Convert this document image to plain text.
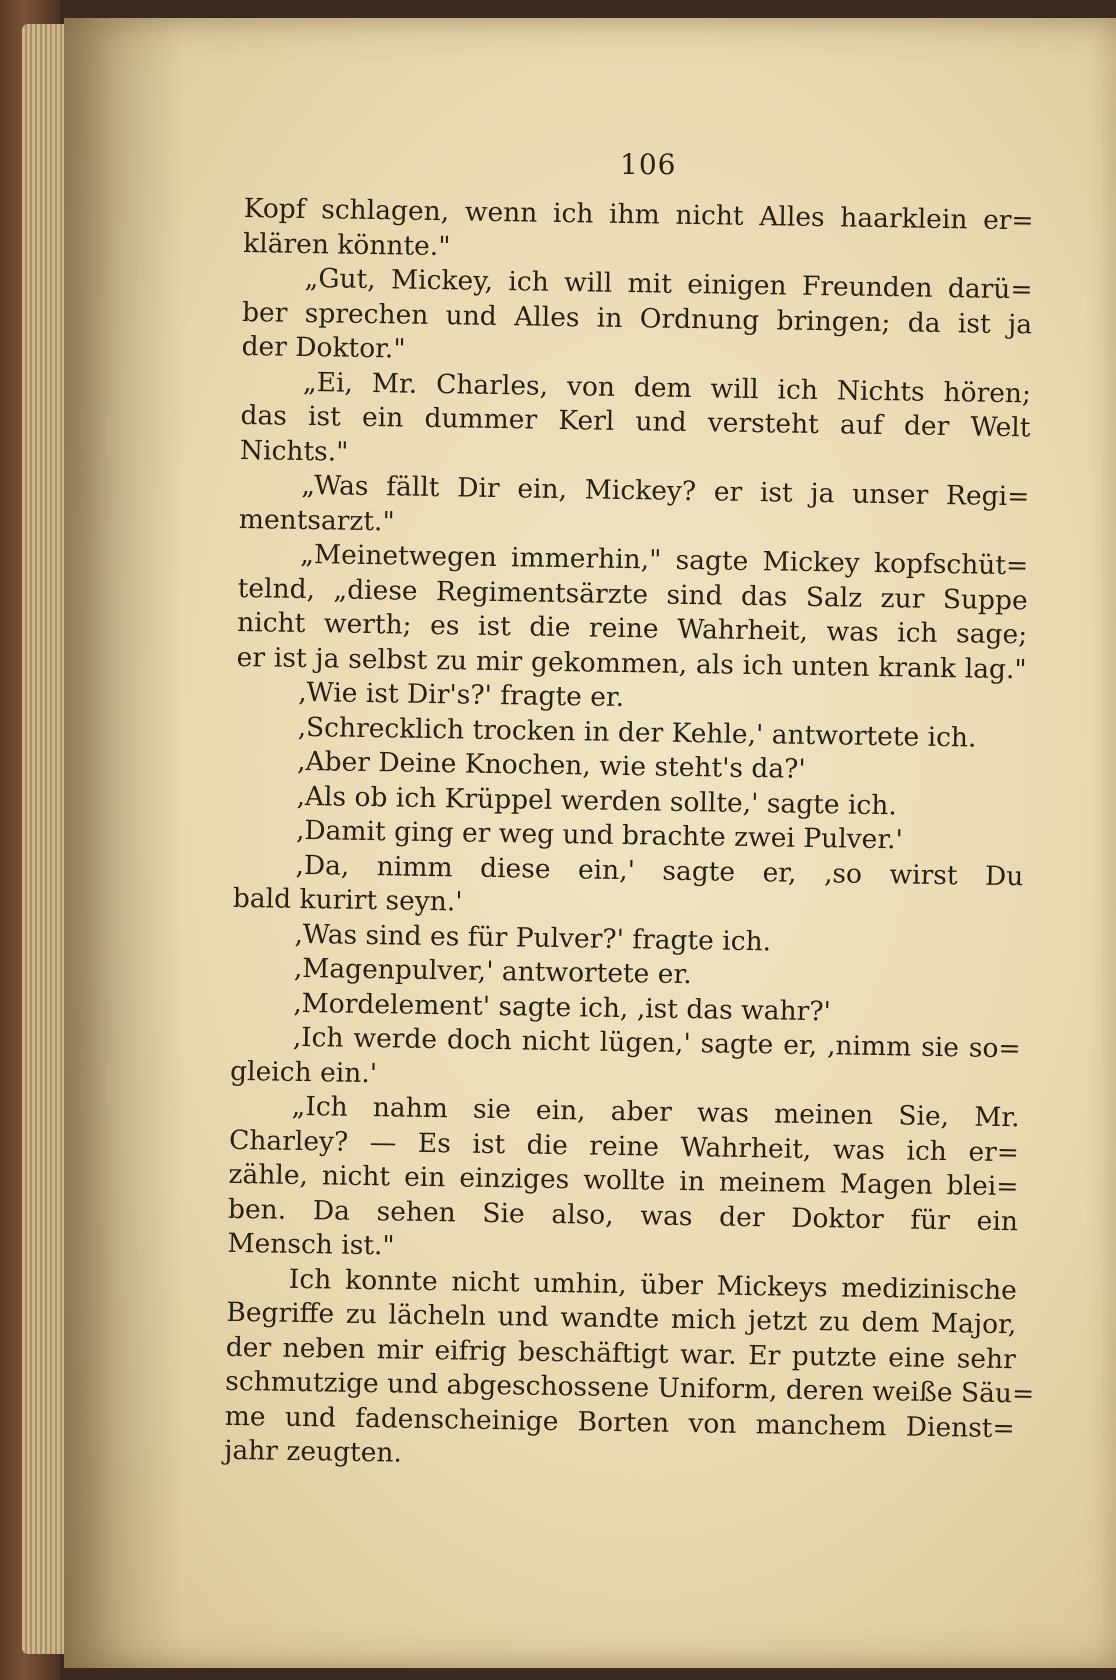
106
Kopf schlagen, wenn ich ihm nicht Alles haarklein er=
klären könnte."
„Gut, Mickey, ich will mit einigen Freunden darü=
ber sprechen und Alles in Ordnung bringen; da ist ja
der Doktor."
„Ei, Mr. Charles, von dem will ich Nichts hören;
das ist ein dummer Kerl und versteht auf der Welt
Nichts."
„Was fällt Dir ein, Mickey? er ist ja unser Regi=
mentsarzt."
„Meinetwegen immerhin," sagte Mickey kopfschüt=
telnd, „diese Regimentsärzte sind das Salz zur Suppe
nicht werth; es ist die reine Wahrheit, was ich sage;
er ist ja selbst zu mir gekommen, als ich unten krank lag."
‚Wie ist Dir's?' fragte er.
‚Schrecklich trocken in der Kehle,' antwortete ich.
‚Aber Deine Knochen, wie steht's da?'
‚Als ob ich Krüppel werden sollte,' sagte ich.
‚Damit ging er weg und brachte zwei Pulver.'
‚Da, nimm diese ein,' sagte er, ‚so wirst Du
bald kurirt seyn.'
‚Was sind es für Pulver?' fragte ich.
‚Magenpulver,' antwortete er.
‚Mordelement' sagte ich, ‚ist das wahr?'
‚Ich werde doch nicht lügen,' sagte er, ‚nimm sie so=
gleich ein.'
„Ich nahm sie ein, aber was meinen Sie, Mr.
Charley? — Es ist die reine Wahrheit, was ich er=
zähle, nicht ein einziges wollte in meinem Magen blei=
ben. Da sehen Sie also, was der Doktor für ein
Mensch ist."
Ich konnte nicht umhin, über Mickeys medizinische
Begriffe zu lächeln und wandte mich jetzt zu dem Major,
der neben mir eifrig beschäftigt war. Er putzte eine sehr
schmutzige und abgeschossene Uniform, deren weiße Säu=
me und fadenscheinige Borten von manchem Dienst=
jahr zeugten.
